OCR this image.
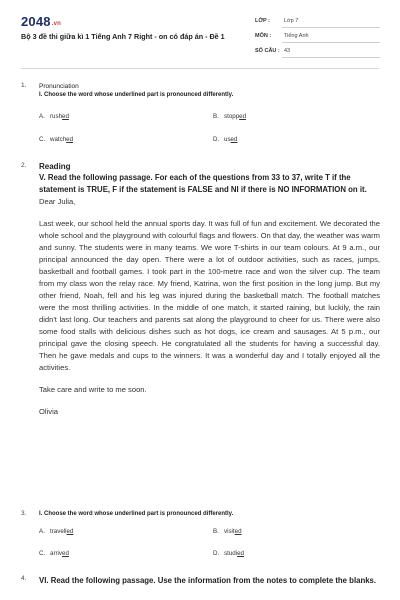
2048.vn
Bộ 3 đề thi giữa kì 1 Tiếng Anh 7 Right - on có đáp án - Đề 1
LỚP :	Lớp 7
MÔN : Tiếng Anh
SỐ CÂU : 43
1. Pronunciation
I. Choose the word whose underlined part is pronounced differently.
A. rushed	B. stopped
C. watched	D. used
2. Reading
V. Read the following passage. For each of the questions from 33 to 37, write T if the statement is TRUE, F if the statement is FALSE and NI if there is NO INFORMATION on it.

Dear Julia,

Last week, our school held the annual sports day. It was full of fun and excitement. We decorated the whole school and the playground with colourful flags and flowers. On that day, the weather was warm and sunny. The students were in many teams. We wore T-shirts in our team colours. At 9 a.m., our principal announced the day open. There were a lot of outdoor activities, such as races, jumps, basketball and football games. I took part in the 100-metre race and won the silver cup. The team from my class won the relay race. My friend, Katrina, won the first position in the long jump. But my other friend, Noah, fell and his leg was injured during the basketball match. The football matches were the most thrilling activities. In the middle of one match, it started raining, but luckily, the rain didn't last long. Our teachers and parents sat along the playground to cheer for us. There were also some food stalls with delicious dishes such as hot dogs, ice cream and sausages. At 5 p.m., our principal gave the closing speech. He congratulated all the students for having a successful day. Then he gave medals and cups to the winners. It was a wonderful day and I totally enjoyed all the activities.

Take care and write to me soon.

Olivia

3. I. Choose the word whose underlined part is pronounced differently.
A. travelled	B. visited
C. arrived	D. studied
4. VI. Read the following passage. Use the information from the notes to complete the blanks.
